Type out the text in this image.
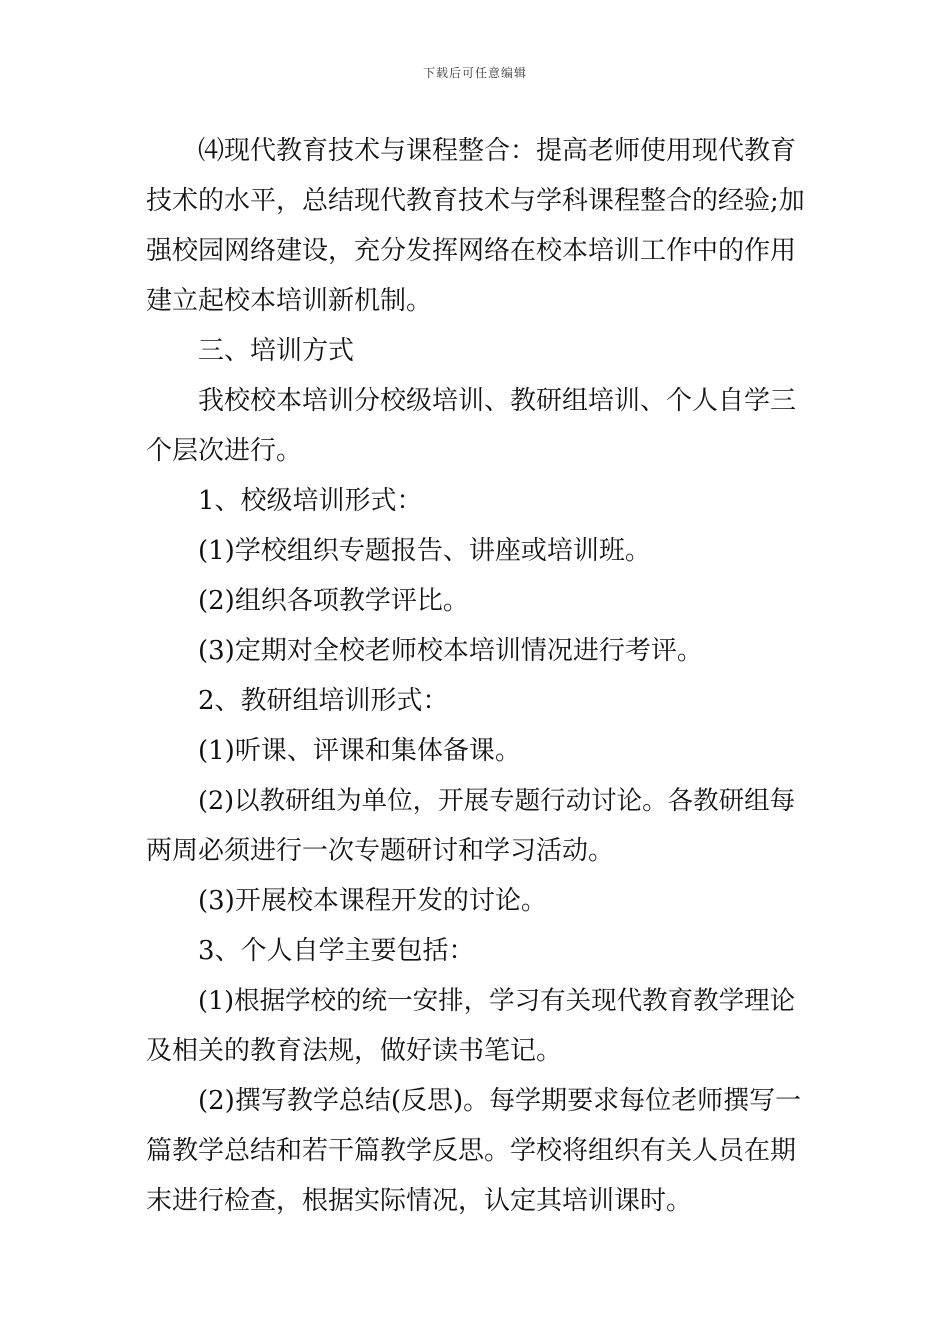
下载后可任意编辑
⑷现代教育技术与课程整合：提高老师使用现代教育
技术的水平，总结现代教育技术与学科课程整合的经验;加
强校园网络建设，充分发挥网络在校本培训工作中的作用
建立起校本培训新机制。
三、培训方式
我校校本培训分校级培训、教研组培训、个人自学三
个层次进行。
1、校级培训形式：
(1)学校组织专题报告、讲座或培训班。
(2)组织各项教学评比。
(3)定期对全校老师校本培训情况进行考评。
2、教研组培训形式：
(1)听课、评课和集体备课。
(2)以教研组为单位，开展专题行动讨论。各教研组每
两周必须进行一次专题研讨和学习活动。
(3)开展校本课程开发的讨论。
3、个人自学主要包括：
(1)根据学校的统一安排，学习有关现代教育教学理论
及相关的教育法规，做好读书笔记。
(2)撰写教学总结(反思)。每学期要求每位老师撰写一
篇教学总结和若干篇教学反思。学校将组织有关人员在期
末进行检查，根据实际情况，认定其培训课时。
